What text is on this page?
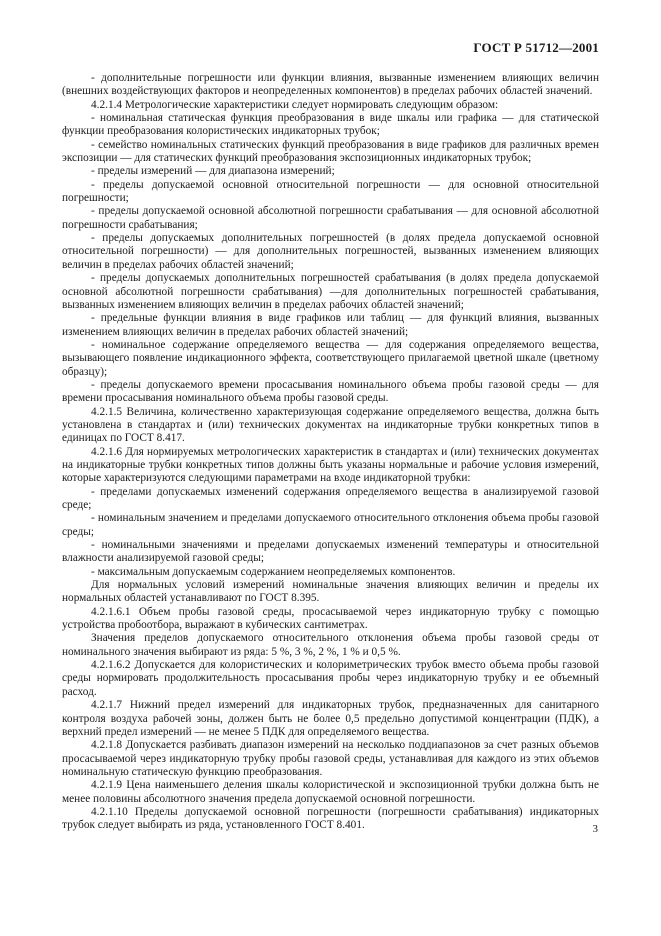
ГОСТ Р 51712—2001

- дополнительные погрешности или функции влияния, вызванные изменением влияющих величин (внешних воздействующих факторов и неопределенных компонентов) в пределах рабочих областей значений.

4.2.1.4 Метрологические характеристики следует нормировать следующим образом:

- номинальная статическая функция преобразования в виде шкалы или графика — для статической функции преобразования колористических индикаторных трубок;

- семейство номинальных статических функций преобразования в виде графиков для различных времен экспозиции — для статических функций преобразования экспозиционных индикаторных трубок;

- пределы измерений — для диапазона измерений;

- пределы допускаемой основной относительной погрешности — для основной относительной погрешности;

- пределы допускаемой основной абсолютной погрешности срабатывания — для основной абсолютной погрешности срабатывания;

- пределы допускаемых дополнительных погрешностей (в долях предела допускаемой основной относительной погрешности) — для дополнительных погрешностей, вызванных изменением влияющих величин в пределах рабочих областей значений;

- пределы допускаемых дополнительных погрешностей срабатывания (в долях предела допускаемой основной абсолютной погрешности срабатывания) —для дополнительных погрешностей срабатывания, вызванных изменением влияющих величин в пределах рабочих областей значений;

- предельные функции влияния в виде графиков или таблиц — для функций влияния, вызванных изменением влияющих величин в пределах рабочих областей значений;

- номинальное содержание определяемого вещества — для содержания определяемого вещества, вызывающего появление индикационного эффекта, соответствующего прилагаемой цветной шкале (цветному образцу);

- пределы допускаемого времени просасывания номинального объема пробы газовой среды — для времени просасывания номинального объема пробы газовой среды.

4.2.1.5 Величина, количественно характеризующая содержание определяемого вещества, должна быть установлена в стандартах и (или) технических документах на индикаторные трубки конкретных типов в единицах по ГОСТ 8.417.

4.2.1.6 Для нормируемых метрологических характеристик в стандартах и (или) технических документах на индикаторные трубки конкретных типов должны быть указаны нормальные и рабочие условия измерений, которые характеризуются следующими параметрами на входе индикаторной трубки:

- пределами допускаемых изменений содержания определяемого вещества в анализируемой газовой среде;

- номинальным значением и пределами допускаемого относительного отклонения объема пробы газовой среды;

- номинальными значениями и пределами допускаемых изменений температуры и относительной влажности анализируемой газовой среды;

- максимальным допускаемым содержанием неопределяемых компонентов.

Для нормальных условий измерений номинальные значения влияющих величин и пределы их нормальных областей устанавливают по ГОСТ 8.395.

4.2.1.6.1 Объем пробы газовой среды, просасываемой через индикаторную трубку с помощью устройства пробоотбора, выражают в кубических сантиметрах.

Значения пределов допускаемого относительного отклонения объема пробы газовой среды от номинального значения выбирают из ряда: 5 %, 3 %, 2 %, 1 % и 0,5 %.

4.2.1.6.2 Допускается для колористических и колориметрических трубок вместо объема пробы газовой среды нормировать продолжительность просасывания пробы через индикаторную трубку и ее объемный расход.

4.2.1.7 Нижний предел измерений для индикаторных трубок, предназначенных для санитарного контроля воздуха рабочей зоны, должен быть не более 0,5 предельно допустимой концентрации (ПДК), а верхний предел измерений — не менее 5 ПДК для определяемого вещества.

4.2.1.8 Допускается разбивать диапазон измерений на несколько поддиапазонов за счет разных объемов просасываемой через индикаторную трубку пробы газовой среды, устанавливая для каждого из этих объемов номинальную статическую функцию преобразования.

4.2.1.9 Цена наименьшего деления шкалы колористической и экспозиционной трубки должна быть не менее половины абсолютного значения предела допускаемой основной погрешности.

4.2.1.10 Пределы допускаемой основной погрешности (погрешности срабатывания) индикаторных трубок следует выбирать из ряда, установленного ГОСТ 8.401.	3
